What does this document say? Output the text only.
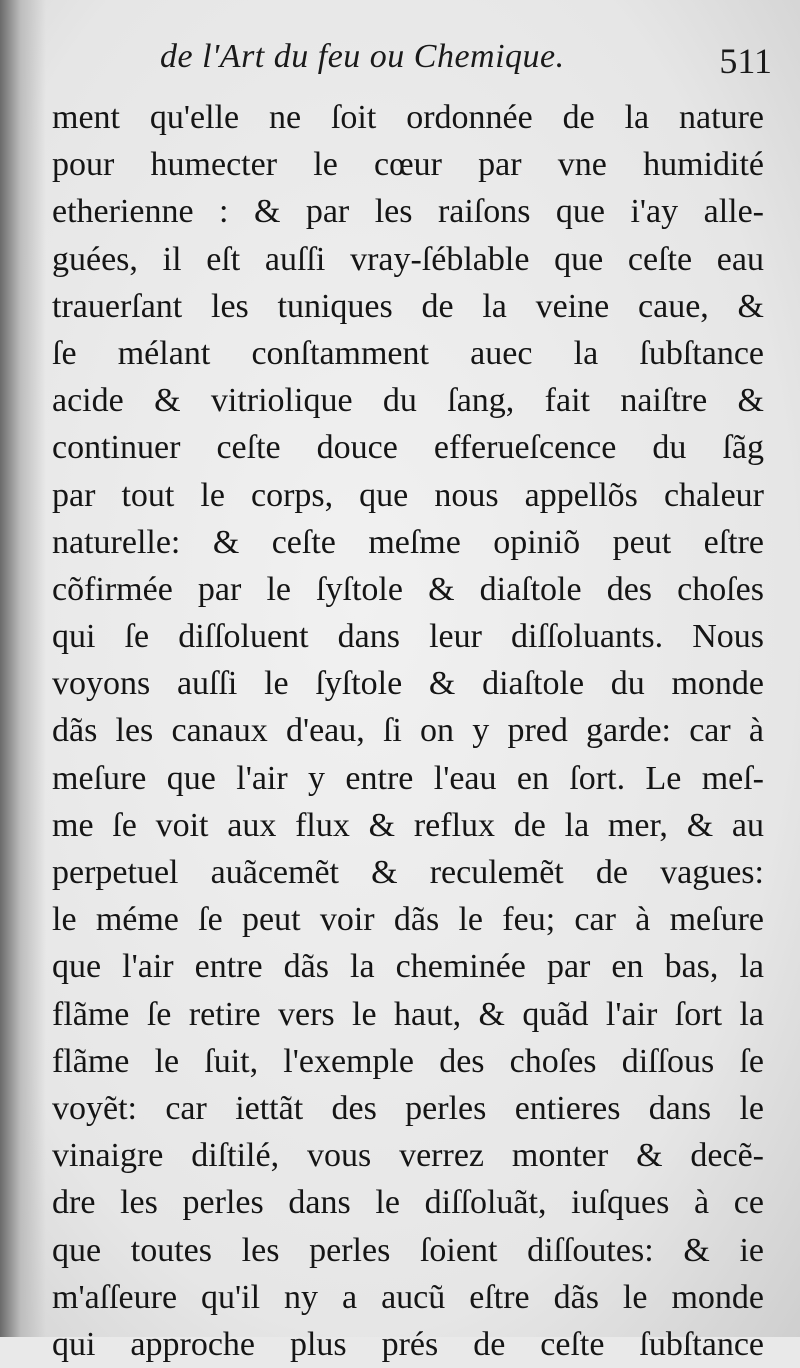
de l'Art du feu ou Chemique.	511
ment qu'elle ne ſoit ordonnée de la nature
pour humecter le cœur par vne humidité
etherienne : & par les raiſons que i'ay alle-
guées, il eſt auſſi vray-ſéblable que ceſte eau
trauerſant les tuniques de la veine caue, &
ſe mélant conſtamment auec la ſubſtance
acide & vitriolique du ſang, fait naiſtre &
continuer ceſte douce efferueſcence du ſãg
par tout le corps, que nous appellõs chaleur
naturelle: & ceſte meſme opiniõ peut eſtre
cõfirmée par le ſyſtole & diaſtole des choſes
qui ſe diſſoluent dans leur diſſoluants. Nous
voyons auſſi le ſyſtole & diaſtole du monde
dãs les canaux d'eau, ſi on y pred garde: car à
meſure que l'air y entre l'eau en ſort. Le meſ-
me ſe voit aux flux & reflux de la mer, & au
perpetuel auãcemẽt & reculemẽt de vagues:
le méme ſe peut voir dãs le feu; car à meſure
que l'air entre dãs la cheminée par en bas, la
flãme ſe retire vers le haut, & quãd l'air ſort la
flãme le ſuit, l'exemple des choſes diſſous ſe
voyẽt: car iettãt des perles entieres dans le
vinaigre diſtilé, vous verrez monter & decẽ-
dre les perles dans le diſſoluãt, iuſques à ce
que toutes les perles ſoient diſſoutes: & ie
m'aſſeure qu'il ny a aucũ eſtre dãs le monde
qui approche plus prés de ceſte ſubſtance
